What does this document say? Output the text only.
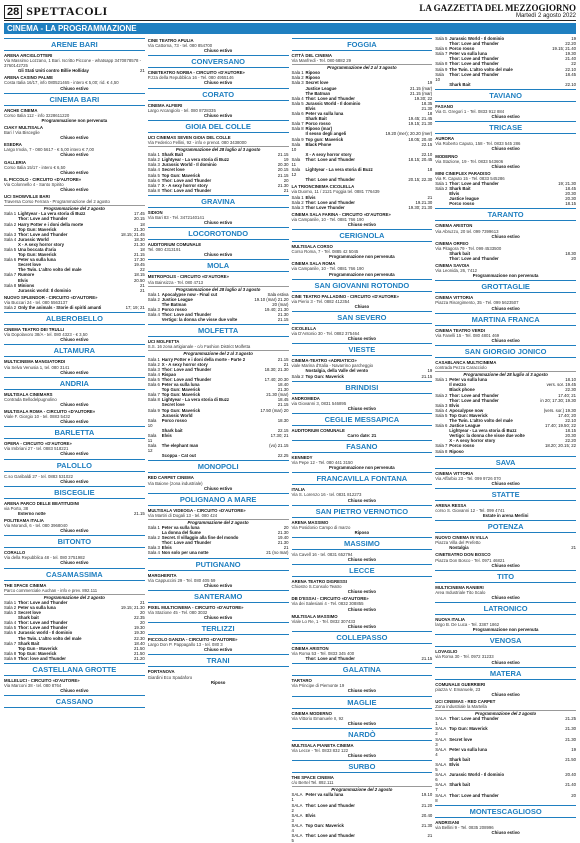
28 SPETTACOLI	LA GAZZETTA DEL MEZZOGIORNO
Martedì 2 agosto 2022
CINEMA - LA PROGRAMMAZIONE
ARENE BARI
ARENA ARCIGLOTTERI
Via Massimo Lozzano, 1 Bari. Iscritto Piccone - whatsapp 3470878578 - 3760142725
Gli Stati Uniti contro Billie Holliday	21
ARENA CASINO PALME
Costa Italia 16/17, info 080521465 - intero € 5,00; rid. € 4,50
Chiuso estivo
CINEMA BARI
ANCHE CINEMA
Corso Italia 112 - info 3228611220
Programmazione non pervenuta
CIAKY MULTISALA
Bari / Via Bisceglie
Chiuso estivo
ESEDRA
Largo Imola, 7 - 080 5617 - € 5,00 intero € 7,00
Chiuso estivo
GALLERIA
Corso Italia 15/17 - intero € 6,50
Chiuso estivo
IL PICCOLO - CIRCUITO «D'AUTORE»
Via Colonnello 4 - Santo Spirito
Chiuso estivo
UCI SHOWVILLE BARI
Traversa Corso Ferrara - Programmazione del 2 agosto
Programmazione del 2 agosto
Sala 1 Lightyear - La vera storia di Buzz	17.45
Thor: Love and Thunder	20.15
Sala 2 Harry Potter e i doni della morte	18
Top Gun: Maverick	21.30
Sala 3 Thor: Love and Thunder	18.15; 21.45
Sala 4 Jurassic World	18.30
X - A sexy horror story	21.30
Sala 5 Una boccata d'aria	18
Top Gun: Maverick	21.15
Sala 6 Peter va sulla luna	17.30
Secret love	19.45
The Twin. L'altro volto del male	22
Sala 7 Rumore	18.15
Elvis	20.50
Sala 8 Minions	21
Jurassic world: Il dominio	21
NUOVO SPLENDOR - CIRCUITO «D'AUTORE»
Via Buccari 24 - tel. 080 5563137
Sala 2 Only the animals - Storie di spiriti amanti	17; 19; 21
ALBEROBELLO
CINEMA TEATRO DEI TRULLI
Via Dopolavoro 38/A - tel. 080 4323 - € 3,50
Chiuso estivo
ALTAMURA
MULTICINEMA MANGIATORDI
Via Selva Venusia 1, tel. 080 3141
Chiuso estivo
ANDRIA
MULTISALA CINEMARS
Contrada Bellodelpugnolino
Chiuso estivo
MULTISALA ROMA - CIRCUITO «D'AUTORE»
Viale F. Giorgio 10 - tel. 0883 5432
Chiuso estivo
BARLETTA
OPERA - CIRCUITO «D'AUTORE»
Via Imbriani 27 - tel. 0883 518221
Chiuso estivo
PALOLLO
C.so Garibaldi 27 - tel. 0883 531022
Chiuso estivo
BISCEGLIE
ARENA PARCO DELLE BEATITUDINI
via Porto, 38
Esterno notte	21.15
POLITEAMA ITALIA
Via Morandi, 6 - tel. 080 3968040
Chiuso estivo
BITONTO
CORALLO
Via della Repubblica 48 - tel. 080 3751982
Chiuso estivo
CASAMASSIMA
THE SPACE CINEMA
Parco commerciale Auchan - info e prev. 892.111
Programmazione del 2 agosto
Sala 1 Thor: Love and Thunder	21
Sala 2 Peter va sulla luna	19.15; 21.30
Sala 3 Secret love	20
Shark bait	22.35
Sala 4 Thor: Love and Thunder	20
Sala 5 Thor: Love and Thunder	19.30
Sala 6 Jurassic world - Il dominio	19.30
The Twin. L'altro volto del male	22.30
Sala 7 Shark Bait	18.40
Top Gun - Maverick	21.50
Sala 8 Top Gun: Maverick	21.50
Sala 9 Thor: love and Thunder	21.20
CASTELLANA GROTTE
MILLELUCI - CIRCUITO «D'AUTORE»
Via Marconi 38 - tel. 080 8764
Chiuso estivo
CASSANO
CINE TEATRO APULIA
Via Cattorna, 73 - tel. 080 854700
Chiuso estivo
CONVERSANO
CINETEATRO NORBA - CIRCUITO «D'AUTORE»
P.zza della Repubblica 16 - Tel. 080 4955146
Chiuso estivo
CORATO
CINEMA ALFIERI
Largo Arcangiolo - tel. 080 8728335
Chiuso estivo
GIOIA DEL COLLE
UCI CINEMAS SEVEN GIOIA DEL COLLE
Via Federico Fellini, 92 - info e prenot. 080 3438000
Programmazione del 28 luglio al 3 agosto
Sala 1 Shark Bait	21.15
Sala 2 Lightyear - La vera storia di Buzz	19
Sala 3 Jurassic World - Il dominio	20.30
Sala 4 Secret love	20.15
Sala 5 Top Gun: Maverick	21.15
Sala 6 Thor: Love and Thunder	20
Sala 7 X - A sexy horror story	21.30
Sala 8 Thor: Love and Thunder	21
GRAVINA
SIDION
Via Bari 83 - Tel. 3472140141
Chiuso estivo
LOCOROTONDO
AUDITORIUM COMUNALE
Tel. 080 4313191
Chiuso estivo
MOLA
METROPOLIS - CIRCUITO «D'AUTORE»
Via Bainsizza - Tel. 080 4713
Programmazione del 28 luglio al 3 agosto
Sala 1 Apocalypse now - Final cut	Sala estiva
Sala 2 Justice League	19.10 (mar) 21.20
The Batman	20 (mar)
Sala 3 Porco rosso	19.40; 21.30
Sala 4 Thor: Love and Thunder	21.30
Vertigo: la donna che visse due volte	21.15
MOLFETTA
UCI MOLFETTA
S.S. 16 zona artigianale - c/o Fashion District Molfetta
Programmazione del 2 al 3 agosto
Sala 1 Harry Potter e i doni della morte - Parte 2	21.15
Sala 2 X - A sexy horror story	21
Sala 3 Thor: Love and Thunder	18.30; 21.30
Sala 4 Rispao
Sala 5 Thor: Love and Thunder	17.40; 20.30
Sala 6 Peter va sulla luna	18.40
Top Gun: Maverick	21.30
Sala 7 Top Gun: Maverick	21.30 (mar)
Sala 8 Lightyear - La vera storia di Buzz	18.45
Secret love	21.15
Sala 9 Top Gun: Maverick	17.50 (mar) 20
Jurassic World
Sala 10
Porco rosso	18.30
Shark bait	22.15
Sala 11
Elvis	17.30; 21
Sala 12
The elephant man	(vo) 21.15
Scoppa - Cat out	22.25
MONOPOLI
RED CARPET CINEMA
Via Baione (zona industriale)
Chiuso estivo
POLIGNANO A MARE
MULTISALA VIDEOGA - CIRCUITO «D'AUTORE»
Via Martiri di Dogali 13 - tel. 080 424
Programmazione del 2 agosto
Sala 1 Peter va sulla luna	20
La donna del fiume	21.30
Sala 2 Secret. Il villaggio alla fine del mondo	19.40
Thor: Love and Thunder	21.30
Sala 3 Elvis	21
Sala 4 Non solo per una notte	21 (no mar)
PUTIGNANO
MARGHERITA
Via Cappuccini 29 - Tel. 080 405 59
Chiuso estivo
SANTERAMO
PIXEL MULTICINEMA - CIRCUITO «D'AUTORE»
Via Stazione 45 - Tel. 080 3032
Chiuso estivo
TERLIZZI
PICCOLO GANZIA - CIRCUITO «D'AUTORE»
Largo Don P. Pappagallo 13 - tel. 080 3
Chiuso estivo
TRANI
PORTANOVA
Giardini Eco Spadaforo
Riposo
FOGGIA
CITTÀ DEL CINEMA
Via Manfredi - Tel. 080 6882 29
Programmazione del 2 al 3 agosto
Sala 1 Riposo
Sala 2 Riposo
Sala 3 Secret love	19
Justice League	21.15 (mar)
The Batman	21.15 (mar)
Sala 4 Thor: Love and Thunder	19.30; 22
Sala 5 Jurassic World - Il dominio	18.35
Elvis	21.30
Sala 6 Peter va sulla luna	18
Shark Bait	19.45; 21.45
Sala 7 Porco rosso	19.15; 21.30
Sala 8 Riposo (mar)
Il sesso degli angeli	19.20 (mer); 20.20 (mer)
Sala 9 Top gun: Maverick	18.05; 20.40
Sala 10
Black Phone	22.15
X - A sexy horror story	22.10
Sala 11
Thor: Love and Thunder	18.15; 20.45
Sala 12
Lightyear - La vera storia di Buzz	18
Thor: Love and Thunder	20.15; 22.30
LA TRIONCINEMA CICOLELLA
via Duomo, 11 / 2121 Foggia tel. 0881 776439
Sala 1 Elvis	21
Sala 2 Thor: Love and Thunder	19.21.30
Sala 3 Thor Love Thunder	19.30; 21.30
CINEMA SALA FARINA - CIRCUITO «D'AUTORE»
via Campanile, 10 - Tel. 0881 766 190
Chiuso estivo
CERIGNOLA
MULTISALA CORSO
Corso Roma, 7 - Tel. 0885 42 5045
Programmazione non pervenuta
CINEMA SALA ROMA
via Campanile, 10 - Tel. 0881 766 190
Programmazione non pervenuta
SAN GIOVANNI ROTONDO
CINE TEATRO PALLADINO - CIRCUITO «D'AUTORE»
via Pierio 3 - Tel. 0882 412354
Chiuso
SAN SEVERO
CICOLELLA
via D'Antonio 30 - Tel. 0882 375464
Chiuso estivo
VIESTE
CINEMA-TEATRO «ADRIATICO»
viale Marina d'Italia - Navarrino parcheggio
Nostalgia, della Valle del vento	19
Sala 2 Top Gun: Maverick	21.15
BRINDISI
ANDROMEDA
via Giovanni 3, 0831 546895
Chiuso estivo
CEGLIE MESSAPICA
AUDITORIUM COMUNALE
Carro date: 21
FASANO
KENNEDY
Via Pepe 12 - Tel. 080 441 3150
Programmazione non pervenuta
FRANCAVILLA FONTANA
ITALIA
Via S. Lorenzo 16 - tel. 0831 812273
Chiuso estivo
SAN PIETRO VERNOTICO
ARENA MASSIMO
Via Posidonio Campo di marzo
Riposo
MASSIMO
Via Cavell 16 - tel. 0831 652794
Chiuso estivo
LECCE
ARENA TEATRO DIGRESSI
Chiostro S.Consolo Teatro
Chiuso estivo
DB D'ESSAI - CIRCUITO «D'AUTORE»
Via dei Salesiani 4 - Tel. 0832 308855
Chiuso estivo
MULTISALA MASSIMO
Viale Lo Re, 1 - Tel. 0832 307433
Chiuso estivo
COLLEPASSO
CINEMA ARISTON
Via Roma 53 - Tel. 0833 345 400
Thor: Love and Thunder	21.15
GALATINA
TARTARO
Via Principe di Piemonte 19
Chiuso estivo
MAGLIE
CINEMA MODERNO
Via Vittorio Emanuele II, 92
Chiuso estivo
NARDÒ
MULTISALA PIANETA CINEMA
Via Lecce - Tel. 0833 832 122
Chiuso estivo
SURBO
THE SPACE CINEMA
c/o Bertel Tel. 892.111
Programmazione del 2 agosto
SALA 1
Peter va sulla luna	19.10
SALA 2
Thor: Love and Thunder	21.20
SALA 3
Elvis	20.40
SALA 4
Top Gun: Maverick	21.30
SALA 5
Thor: Love and Thunder	21
Sala 5 Jurassic World - Il dominio	19
Thor: Love and Thunder	22.20
Sala 6 Porco rosso	19.15; 21.40
Sala 7 Peter va sulla luna	19.30
Thor: Love and Thunder	21.40
Sala 8 Thor: Love and Thunder	22
Sala 9 The Twin. L'altro volto del male	22.10
Sala 10
Thor: Love and Thunder	18.45
Shark Bait	22.10
TAVIANO
FASANO
Via G. Gregori 1 - Tel. 0833 912 884
Chiuso estivo
TRICASE
AURORA
Via Roberto Caputo, 158 - Tel. 0833 545 286
Chiuso estivo
MODERNO
Via Stazione, 19 - Tel. 0833 543606
Chiuso estivo
MINI CINEPLEX PARADISO
Via R. Caputo 15 - Tel. 0833 545286
Sala 1 Thor: Love and Thunder	19; 21.30
Sala 2 Shark Bait	18.45
Elvis	20.30
Justice league	20.30
Porco rosso	18.15
TARANTO
CINEMA ARISTON
Via Abruzzo, 20 tel. 099 7399613
Chiuso estivo
CINEMA ORFEO
Via Pitagora 79 - Tel. 099 4533500
Shark bait	18.30
Thor: Love and Thunder	20
CINEMA SAVOIA
Via Leonida, 26, 7412
Programmazione non pervenuta
GROTTAGLIE
CINEMA VITTORIA
Piazza Risorgimento, 35 - Tel. 099 5623507
Chiuso estivo
MARTINA FRANCA
CINEMA TEATRO VERDI
Via Fanelli 15 - Tel. 080 4801 469
Chiuso estivo
SAN GIORGIO JONICO
CASABLANCA MULTICINEMA
contrada Pezza Caracciolo
Programmazione del 28 luglio al 3 agosto
Sala 1 Peter va sulla luna	18.10
Il mezzo	vers. sor. 19.45
Black phone	22.30
Sala 2 Thor: Love and Thunder	17.40; 21
Thor: Love and Thunder	in 20; 17.30; 19.30
Sala 3 Elvis
Sala 4 Apocalypse now	(vers. sor.) 19.30
Sala 5 Top Gun: Maverick	17.40; 20
The Twin. L'altro volto del male	22.10
Sala 6 Justice League	17.40; 19.50; 22
Lightyear - La vera storia di Buzz	18.15
Vertigo: la donna che visse due volte	20.30
X - A sexy horror story	22.20
Sala 7 Porco rosso	18.20; 20.15; 22
Sala 8 Riposo
SAVA
CINEMA VITTORIA
Via Affarbio 23 - Tel. 099 9726 070
Chiuso estivo
STATTE
ARENA RESSA
corso S. Giovanni 12 - Tel. 099 4741
Estate in arena Merlini
POTENZA
NUOVO CINEMA IN VILLA
Piazza Villa del Prefetto
Nostalgia	21
CINETEATRO DON BOSCO
Piazza Don Bosco - Tel. 0971 46821
Chiuso estivo
TITO
MULTICINEMA RANIERI
Area Industriale Tito Scalo
Chiuso estivo
LATRONICO
NUOVA ITALIA
largo B. De Luca - Tel. 3387 1862
Programmazione non pervenuta
VENOSA
LOVAGLIO
via Roma 30 - Tel. 0972 31233
Chiuso estivo
MATERA
COMUNALE GUERRIERI
piazza V. Emanuele, 23
Chiuso estivo
UCI CINEMAS - RED CARPET
Zona industriale la Martella
Programmazione del 2 agosto
SALA 1
Thor: Love and Thunder	21.25
SALA 2
Top Gun: Maverick	21.30
SALA 3
Secret love	21.30
SALA 4
Peter va sulla luna	19
Shark bait	21.50
SALA 5
Elvis
SALA 6
Jurassic World - Il dominio	20.40
SALA 7
Shark bait	21.40
SALA 8
Thor: Love and Thunder	20
MONTESCAGLIOSO
ANDRISANI
via Bellini 9 - Tel. 0835 208996
Chiuso estivo
